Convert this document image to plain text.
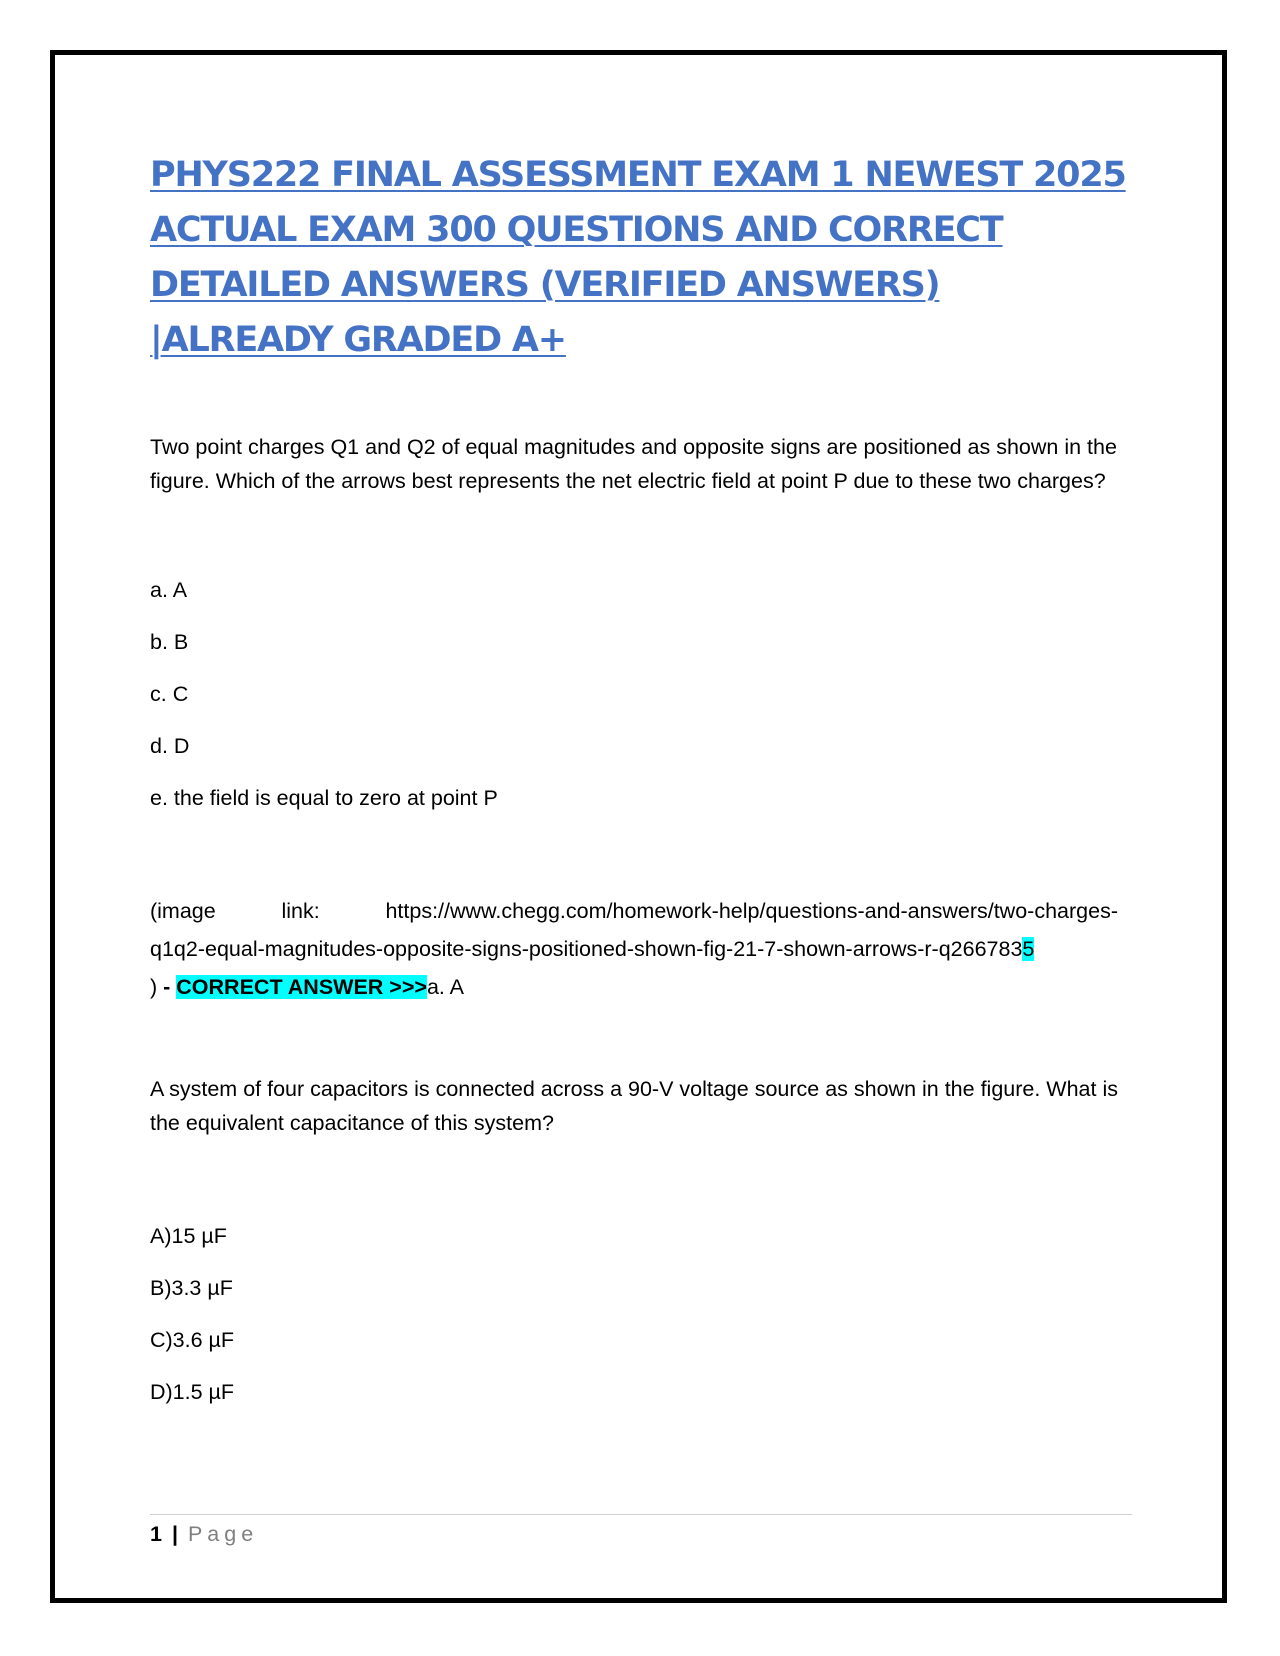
PHYS222 FINAL ASSESSMENT EXAM 1 NEWEST 2025
ACTUAL EXAM 300 QUESTIONS AND CORRECT
DETAILED ANSWERS (VERIFIED ANSWERS)
|ALREADY GRADED A+

Two point charges Q1 and Q2 of equal magnitudes and opposite signs are positioned as shown in the figure. Which of the arrows best represents the net electric field at point P due to these two charges?

a. A
b. B
c. C
d. D
e. the field is equal to zero at point P
(image	link:	https://www.chegg.com/homework-help/questions-and-answers/two-charges-
q1q2-equal-magnitudes-opposite-signs-positioned-shown-fig-21-7-shown-arrows-r-q2667835
) - CORRECT ANSWER >>>a. A

A system of four capacitors is connected across a 90-V voltage source as shown in the figure. What is the equivalent capacitance of this system?

A)15 µF
B)3.3 µF
C)3.6 µF
D)1.5 µF
1 | Page
